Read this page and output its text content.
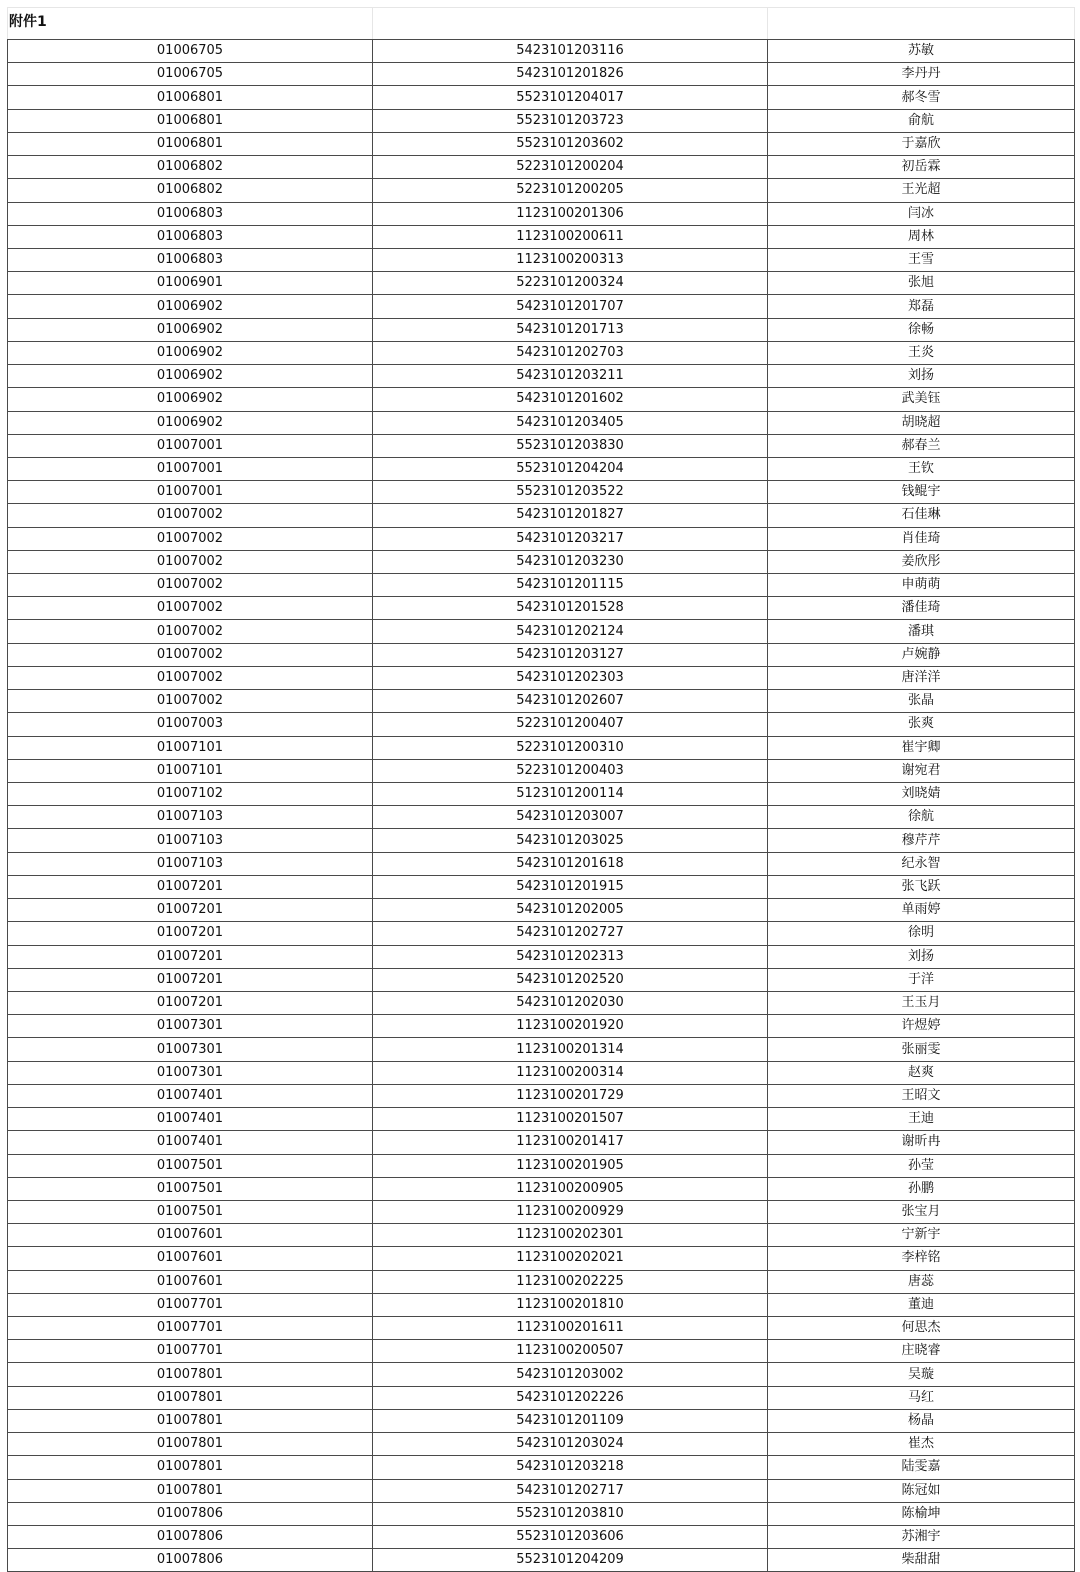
附件1		
01006705	5423101203116	苏敏
01006705	5423101201826	李丹丹
01006801	5523101204017	郝冬雪
01006801	5523101203723	俞航
01006801	5523101203602	于嘉欣
01006802	5223101200204	初岳霖
01006802	5223101200205	王光超
01006803	1123100201306	闫冰
01006803	1123100200611	周林
01006803	1123100200313	王雪
01006901	5223101200324	张旭
01006902	5423101201707	郑磊
01006902	5423101201713	徐畅
01006902	5423101202703	王炎
01006902	5423101203211	刘扬
01006902	5423101201602	武美钰
01006902	5423101203405	胡晓超
01007001	5523101203830	郝春兰
01007001	5523101204204	王钦
01007001	5523101203522	钱鲲宇
01007002	5423101201827	石佳琳
01007002	5423101203217	肖佳琦
01007002	5423101203230	姜欣彤
01007002	5423101201115	申萌萌
01007002	5423101201528	潘佳琦
01007002	5423101202124	潘琪
01007002	5423101203127	卢婉静
01007002	5423101202303	唐洋洋
01007002	5423101202607	张晶
01007003	5223101200407	张爽
01007101	5223101200310	崔宇卿
01007101	5223101200403	谢宛君
01007102	5123101200114	刘晓婧
01007103	5423101203007	徐航
01007103	5423101203025	穆芹芹
01007103	5423101201618	纪永智
01007201	5423101201915	张飞跃
01007201	5423101202005	单雨婷
01007201	5423101202727	徐明
01007201	5423101202313	刘扬
01007201	5423101202520	于洋
01007201	5423101202030	王玉月
01007301	1123100201920	许煜婷
01007301	1123100201314	张丽雯
01007301	1123100200314	赵爽
01007401	1123100201729	王昭文
01007401	1123100201507	王迪
01007401	1123100201417	谢昕冉
01007501	1123100201905	孙莹
01007501	1123100200905	孙鹏
01007501	1123100200929	张宝月
01007601	1123100202301	宁新宇
01007601	1123100202021	李梓铭
01007601	1123100202225	唐蕊
01007701	1123100201810	董迪
01007701	1123100201611	何思杰
01007701	1123100200507	庄晓睿
01007801	5423101203002	吴璇
01007801	5423101202226	马红
01007801	5423101201109	杨晶
01007801	5423101203024	崔杰
01007801	5423101203218	陆雯嘉
01007801	5423101202717	陈冠如
01007806	5523101203810	陈榆坤
01007806	5523101203606	苏湘宇
01007806	5523101204209	柴甜甜
